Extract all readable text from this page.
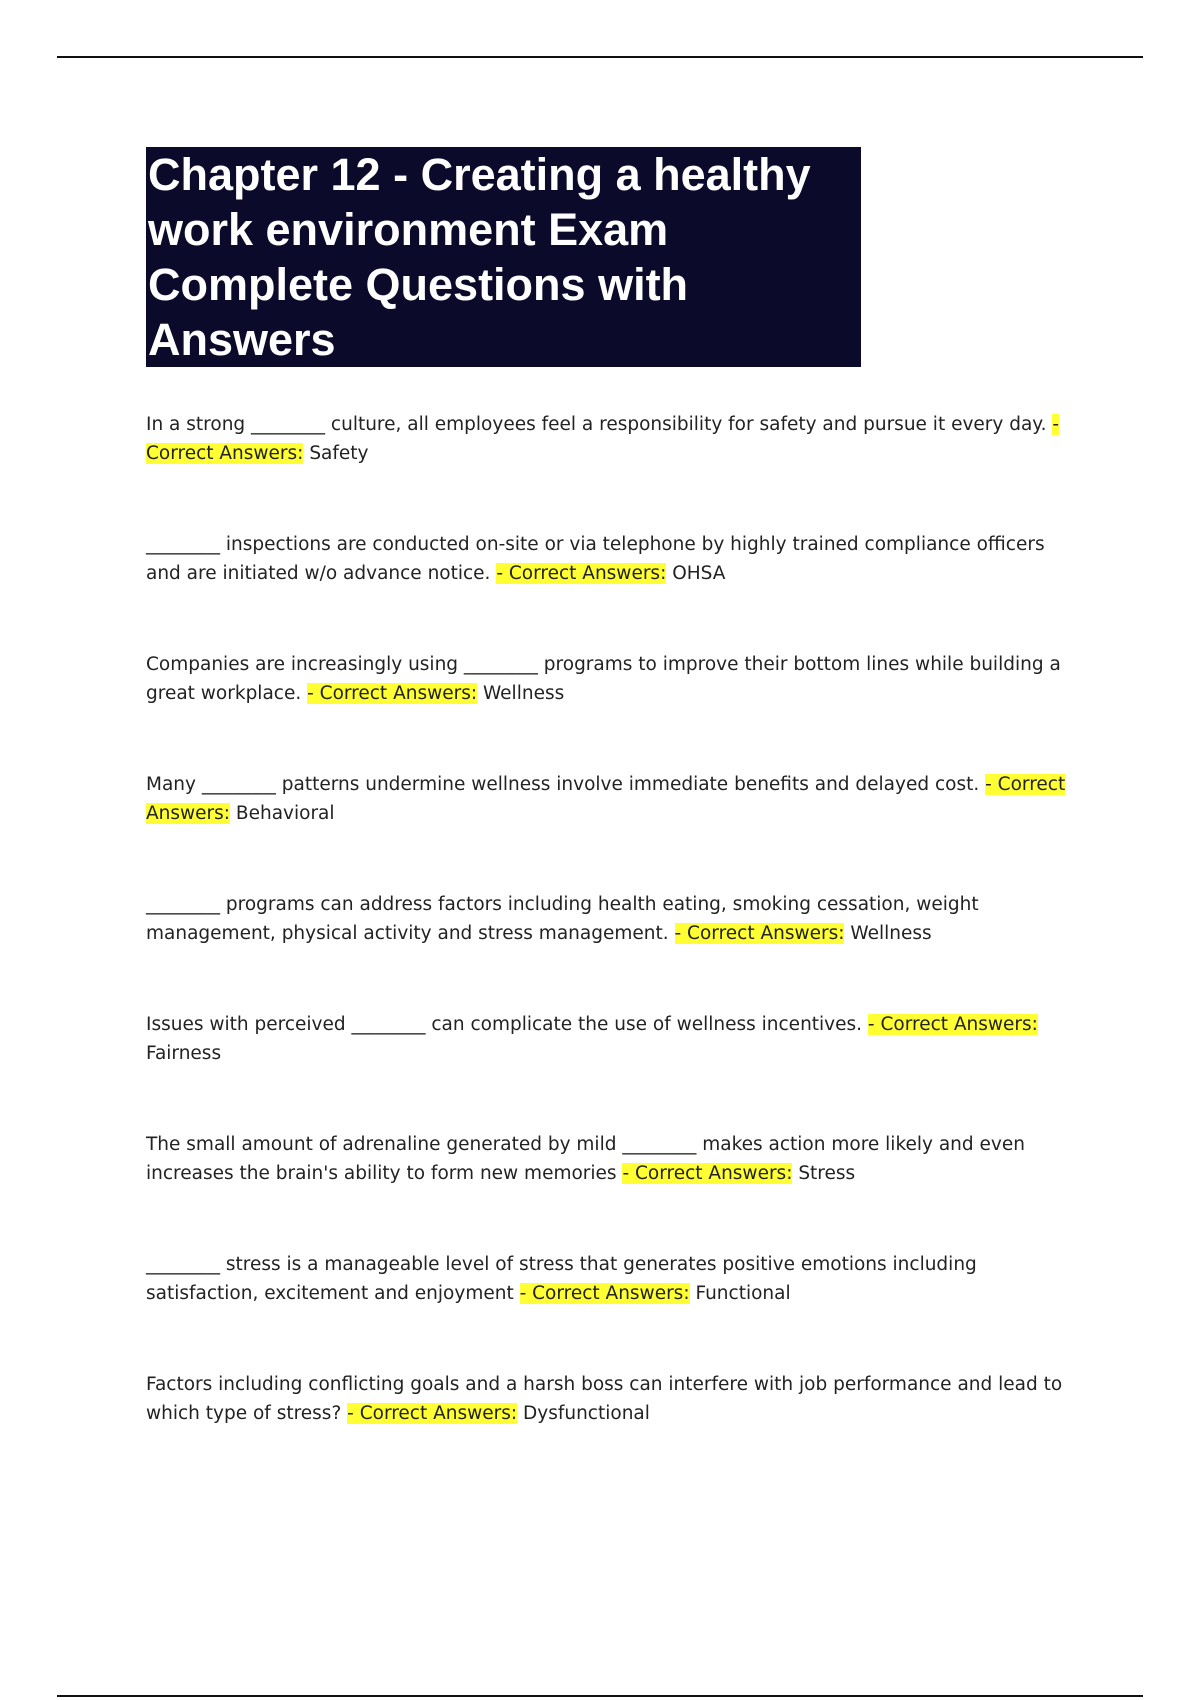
Chapter 12 - Creating a healthy work environment Exam Complete Questions with Answers

In a strong ________ culture, all employees feel a responsibility for safety and pursue it every day. - Correct Answers: Safety

________ inspections are conducted on-site or via telephone by highly trained compliance officers and are initiated w/o advance notice. - Correct Answers: OHSA

Companies are increasingly using ________ programs to improve their bottom lines while building a great workplace. - Correct Answers: Wellness

Many ________ patterns undermine wellness involve immediate benefits and delayed cost. - Correct Answers: Behavioral

________ programs can address factors including health eating, smoking cessation, weight management, physical activity and stress management. - Correct Answers: Wellness

Issues with perceived ________ can complicate the use of wellness incentives. - Correct Answers: Fairness

The small amount of adrenaline generated by mild ________ makes action more likely and even increases the brain's ability to form new memories - Correct Answers: Stress

________ stress is a manageable level of stress that generates positive emotions including satisfaction, excitement and enjoyment - Correct Answers: Functional

Factors including conflicting goals and a harsh boss can interfere with job performance and lead to which type of stress? - Correct Answers: Dysfunctional
